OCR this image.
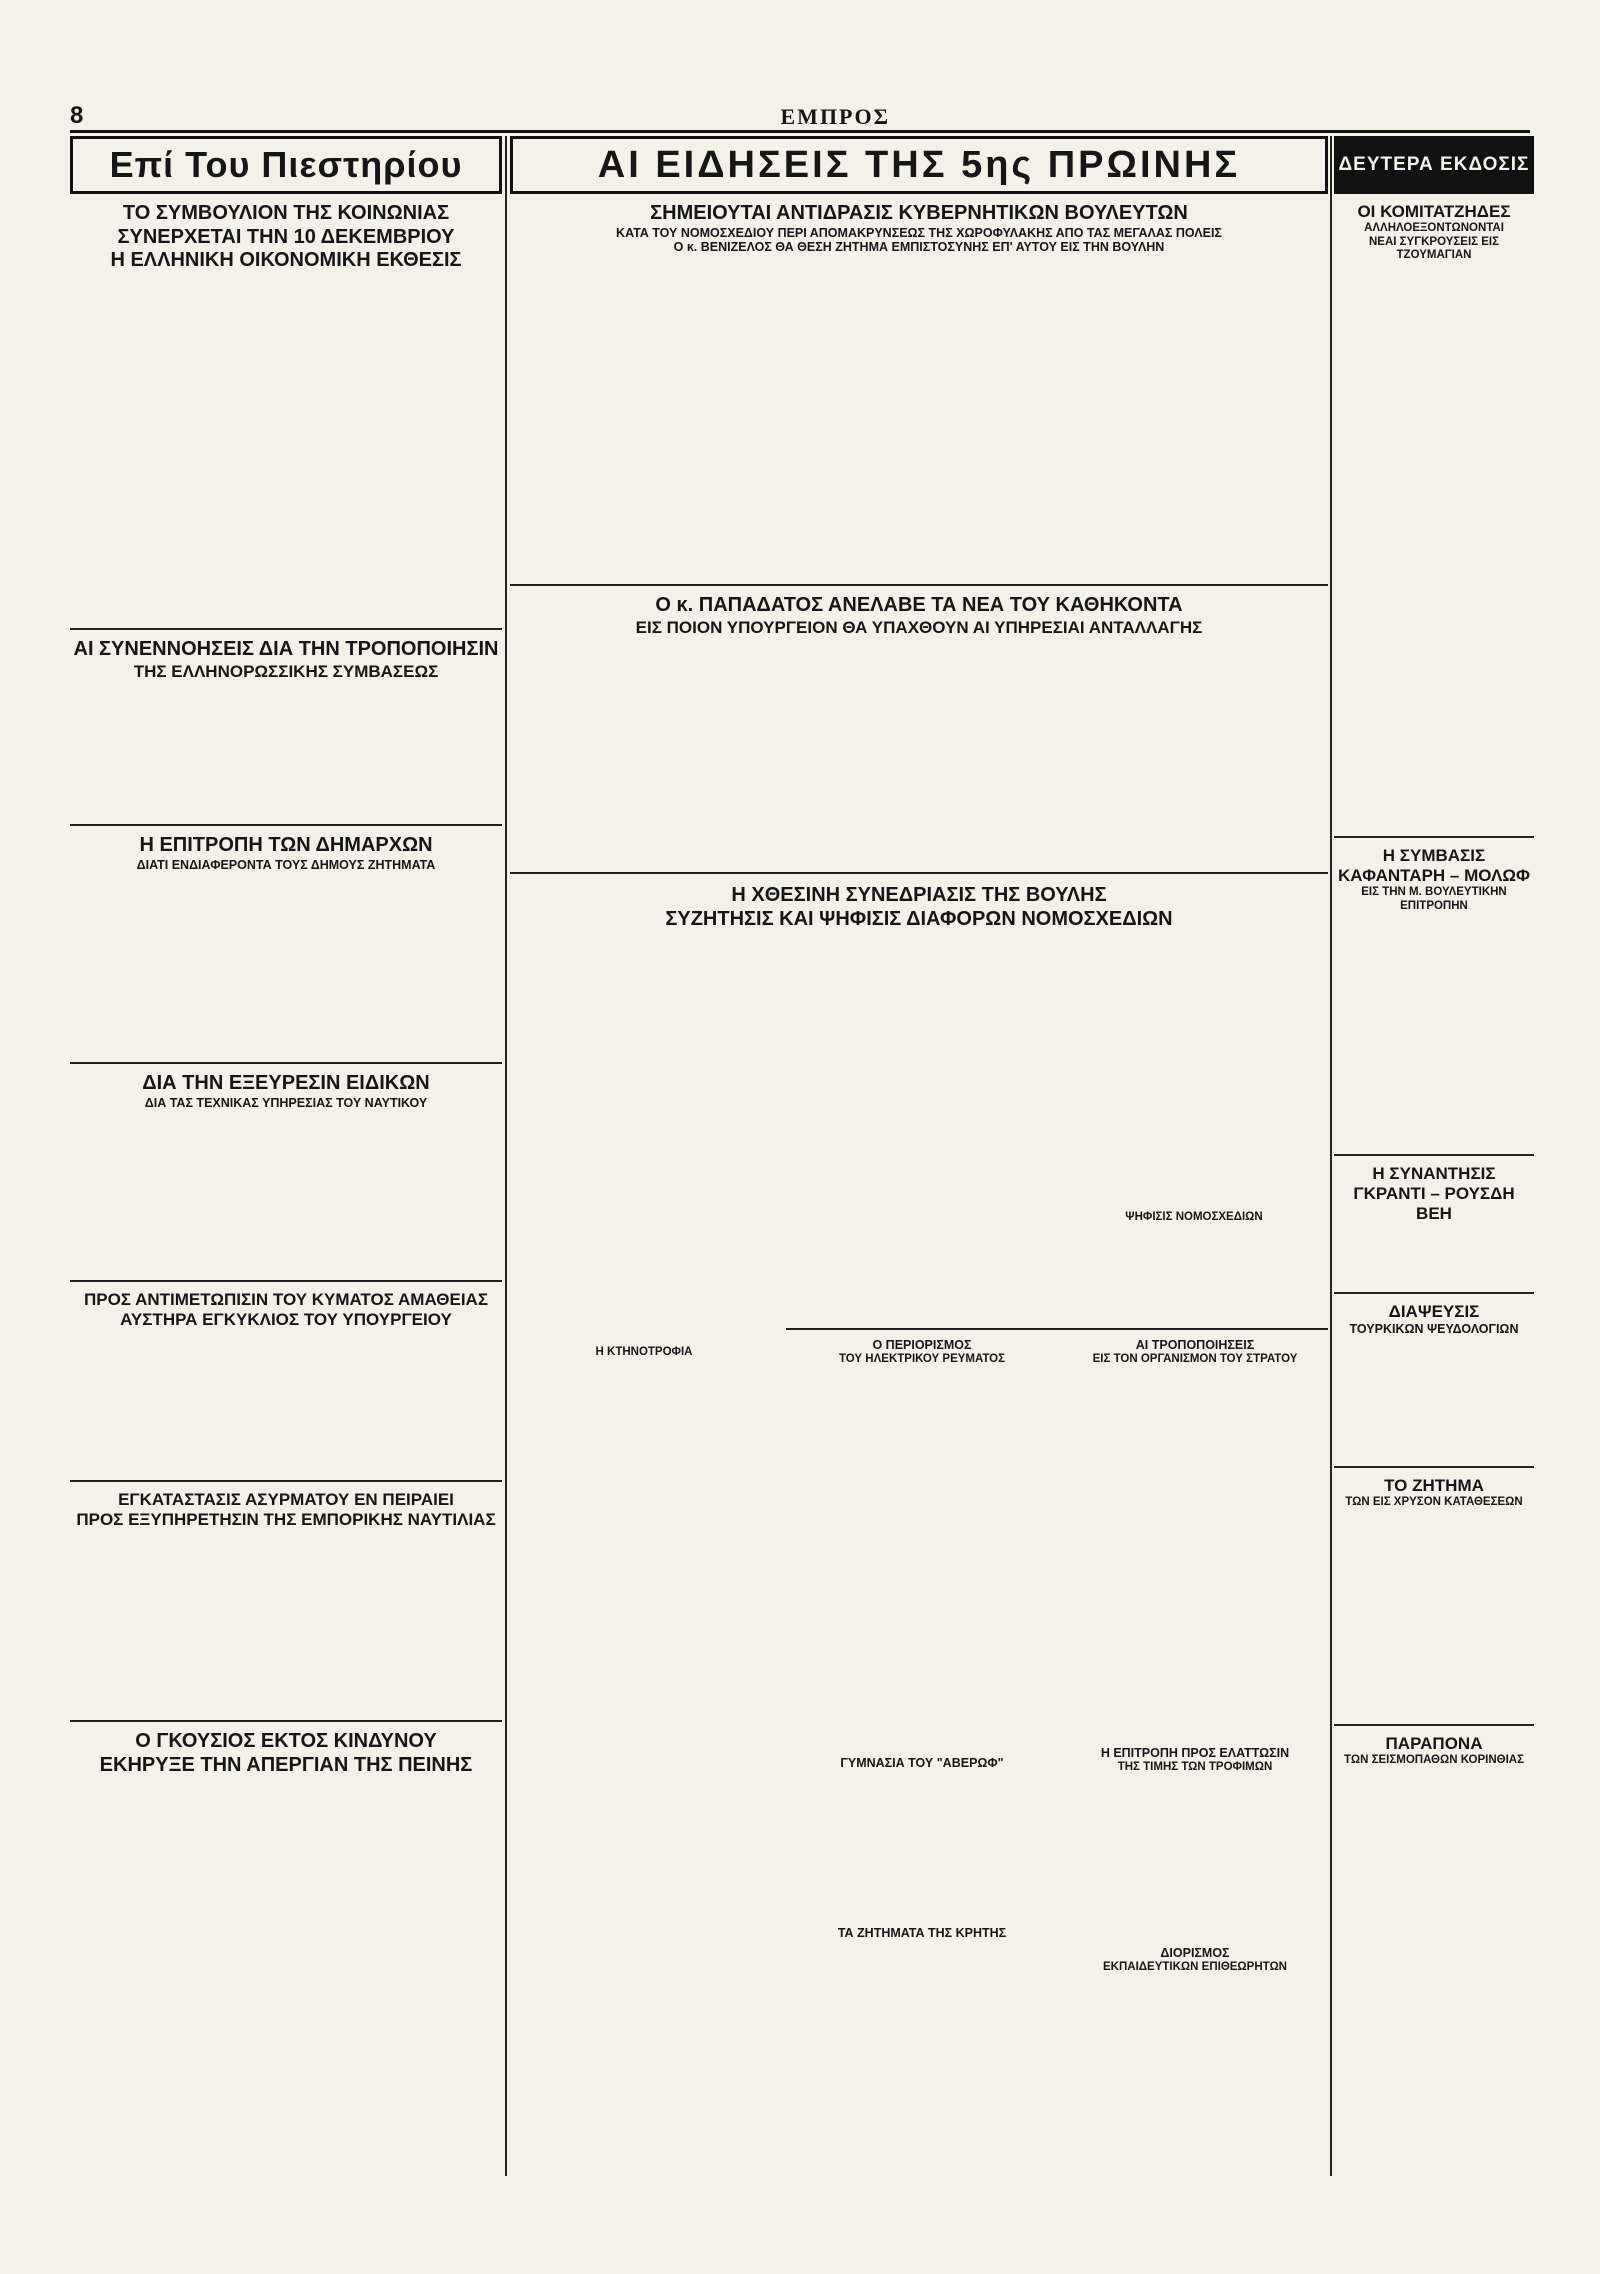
8	ΕΜΠΡΟΣ
Επί Του Πιεστηρίου

ΤΟ ΣΥΜΒΟΥΛΙΟΝ ΤΗΣ ΚΟΙΝΩΝΙΑΣ

ΣΥΝΕΡΧΕΤΑΙ ΤΗΝ 10 ΔΕΚΕΜΒΡΙΟΥ

Η ΕΛΛΗΝΙΚΗ ΟΙΚΟΝΟΜΙΚΗ ΕΚΘΕΣΙΣ

ΑΙ ΣΥΝΕΝΝΟΗΣΕΙΣ ΔΙΑ ΤΗΝ ΤΡΟΠΟΠΟΙΗΣΙΝ

ΤΗΣ ΕΛΛΗΝΟΡΩΣΣΙΚΗΣ ΣΥΜΒΑΣΕΩΣ

Η ΕΠΙΤΡΟΠΗ ΤΩΝ ΔΗΜΑΡΧΩΝ

ΔΙΑΤΙ ΕΝΔΙΑΦΕΡΟΝΤΑ ΤΟΥΣ ΔΗΜΟΥΣ ΖΗΤΗΜΑΤΑ

ΔΙΑ ΤΗΝ ΕΞΕΥΡΕΣΙΝ ΕΙΔΙΚΩΝ

ΔΙΑ ΤΑΣ ΤΕΧΝΙΚΑΣ ΥΠΗΡΕΣΙΑΣ ΤΟΥ ΝΑΥΤΙΚΟΥ

ΠΡΟΣ ΑΝΤΙΜΕΤΩΠΙΣΙΝ ΤΟΥ ΚΥΜΑΤΟΣ ΑΜΑΘΕΙΑΣ

ΑΥΣΤΗΡΑ ΕΓΚΥΚΛΙΟΣ ΤΟΥ ΥΠΟΥΡΓΕΙΟΥ

ΕΓΚΑΤΑΣΤΑΣΙΣ ΑΣΥΡΜΑΤΟΥ ΕΝ ΠΕΙΡΑΙΕΙ

ΠΡΟΣ ΕΞΥΠΗΡΕΤΗΣΙΝ ΤΗΣ ΕΜΠΟΡΙΚΗΣ ΝΑΥΤΙΛΙΑΣ

Ο ΓΚΟΥΣΙΟΣ ΕΚΤΟΣ ΚΙΝΔΥΝΟΥ

ΕΚΗΡΥΞΕ ΤΗΝ ΑΠΕΡΓΙΑΝ ΤΗΣ ΠΕΙΝΗΣ

ΑΙ ΕΙΔΗΣΕΙΣ ΤΗΣ 5ης ΠΡΩΙΝΗΣ

ΣΗΜΕΙΟΥΤΑΙ ΑΝΤΙΔΡΑΣΙΣ ΚΥΒΕΡΝΗΤΙΚΩΝ ΒΟΥΛΕΥΤΩΝ

ΚΑΤΑ ΤΟΥ ΝΟΜΟΣΧΕΔΙΟΥ ΠΕΡΙ ΑΠΟΜΑΚΡΥΝΣΕΩΣ ΤΗΣ ΧΩΡΟΦΥΛΑΚΗΣ ΑΠΟ ΤΑΣ ΜΕΓΑΛΑΣ ΠΟΛΕΙΣ

Ο κ. ΒΕΝΙΖΕΛΟΣ ΘΑ ΘΕΣΗ ΖΗΤΗΜΑ ΕΜΠΙΣΤΟΣΥΝΗΣ ΕΠ' ΑΥΤΟΥ ΕΙΣ ΤΗΝ ΒΟΥΛΗΝ

Ο κ. ΠΑΠΑΔΑΤΟΣ ΑΝΕΛΑΒΕ ΤΑ ΝΕΑ ΤΟΥ ΚΑΘΗΚΟΝΤΑ

ΕΙΣ ΠΟΙΟΝ ΥΠΟΥΡΓΕΙΟΝ ΘΑ ΥΠΑΧΘΟΥΝ ΑΙ ΥΠΗΡΕΣΙΑΙ ΑΝΤΑΛΛΑΓΗΣ

Η ΧΘΕΣΙΝΗ ΣΥΝΕΔΡΙΑΣΙΣ ΤΗΣ ΒΟΥΛΗΣ

ΣΥΖΗΤΗΣΙΣ ΚΑΙ ΨΗΦΙΣΙΣ ΔΙΑΦΟΡΩΝ ΝΟΜΟΣΧΕΔΙΩΝ

ΨΗΦΙΣΙΣ ΝΟΜΟΣΧΕΔΙΩΝ

Η ΚΤΗΝΟΤΡΟΦΙΑ	Ο ΠΕΡΙΟΡΙΣΜΟΣ

ΤΟΥ ΗΛΕΚΤΡΙΚΟΥ ΡΕΥΜΑΤΟΣ

ΑΙ ΤΡΟΠΟΠΟΙΗΣΕΙΣ

ΕΙΣ ΤΟΝ ΟΡΓΑΝΙΣΜΟΝ ΤΟΥ ΣΤΡΑΤΟΥ

ΓΥΜΝΑΣΙΑ ΤΟΥ "ΑΒΕΡΩΦ"

Η ΕΠΙΤΡΟΠΗ ΠΡΟΣ ΕΛΑΤΤΩΣΙΝ

ΤΗΣ ΤΙΜΗΣ ΤΩΝ ΤΡΟΦΙΜΩΝ

ΤΑ ΖΗΤΗΜΑΤΑ ΤΗΣ ΚΡΗΤΗΣ

ΔΙΟΡΙΣΜΟΣ

ΕΚΠΑΙΔΕΥΤΙΚΩΝ ΕΠΙΘΕΩΡΗΤΩΝ

ΔΕΥΤΕΡΑ ΕΚΔΟΣΙΣ

ΟΙ ΚΟΜΙΤΑΤΖΗΔΕΣ

ΑΛΛΗΛΟΕΞΟΝΤΩΝΟΝΤΑΙ

ΝΕΑΙ ΣΥΓΚΡΟΥΣΕΙΣ ΕΙΣ ΤΖΟΥΜΑΓΙΑΝ

Η ΣΥΜΒΑΣΙΣ

ΚΑΦΑΝΤΑΡΗ – ΜΟΛΩΦ

ΕΙΣ ΤΗΝ Μ. ΒΟΥΛΕΥΤΙΚΗΝ ΕΠΙΤΡΟΠΗΝ

Η ΣΥΝΑΝΤΗΣΙΣ

ΓΚΡΑΝΤΙ – ΡΟΥΣΔΗ ΒΕΗ

ΔΙΑΨΕΥΣΙΣ

ΤΟΥΡΚΙΚΩΝ ΨΕΥΔΟΛΟΓΙΩΝ

ΤΟ ΖΗΤΗΜΑ

ΤΩΝ ΕΙΣ ΧΡΥΣΟΝ ΚΑΤΑΘΕΣΕΩΝ

ΠΑΡΑΠΟΝΑ

ΤΩΝ ΣΕΙΣΜΟΠΑΘΩΝ ΚΟΡΙΝΘΙΑΣ
